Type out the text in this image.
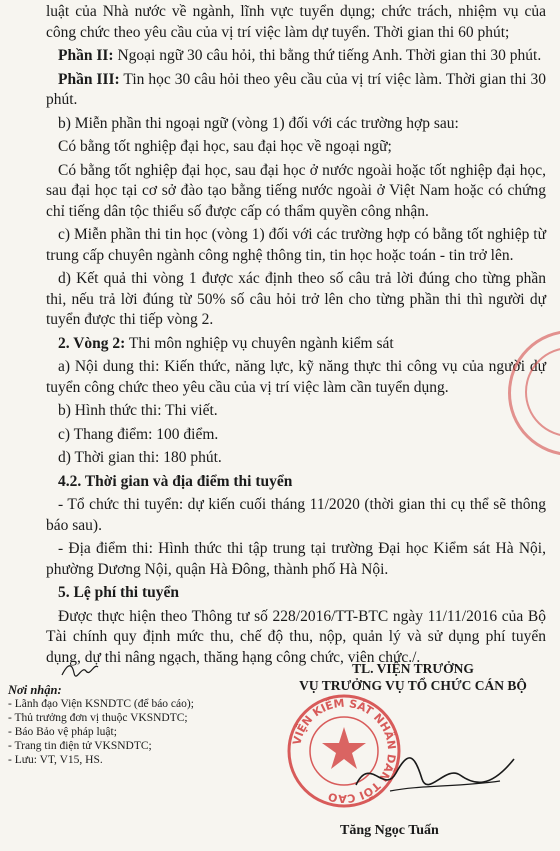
luật của Nhà nước về ngành, lĩnh vực tuyển dụng; chức trách, nhiệm vụ của công chức theo yêu cầu của vị trí việc làm dự tuyển. Thời gian thi 60 phút;

Phần II: Ngoại ngữ 30 câu hỏi, thi bằng thứ tiếng Anh. Thời gian thi 30 phút.

Phần III: Tin học 30 câu hỏi theo yêu cầu của vị trí việc làm. Thời gian thi 30 phút.

b) Miễn phần thi ngoại ngữ (vòng 1) đối với các trường hợp sau:

Có bằng tốt nghiệp đại học, sau đại học về ngoại ngữ;

Có bằng tốt nghiệp đại học, sau đại học ở nước ngoài hoặc tốt nghiệp đại học, sau đại học tại cơ sở đào tạo bằng tiếng nước ngoài ở Việt Nam hoặc có chứng chỉ tiếng dân tộc thiểu số được cấp có thẩm quyền công nhận.

c) Miễn phần thi tin học (vòng 1) đối với các trường hợp có bằng tốt nghiệp từ trung cấp chuyên ngành công nghệ thông tin, tin học hoặc toán - tin trở lên.

d) Kết quả thi vòng 1 được xác định theo số câu trả lời đúng cho từng phần thi, nếu trả lời đúng từ 50% số câu hỏi trở lên cho từng phần thi thì người dự tuyển được thi tiếp vòng 2.

2. Vòng 2: Thi môn nghiệp vụ chuyên ngành kiểm sát

a) Nội dung thi: Kiến thức, năng lực, kỹ năng thực thi công vụ của người dự tuyển công chức theo yêu cầu của vị trí việc làm cần tuyển dụng.

b) Hình thức thi: Thi viết.

c) Thang điểm: 100 điểm.

d) Thời gian thi: 180 phút.

4.2. Thời gian và địa điểm thi tuyển

- Tổ chức thi tuyển: dự kiến cuối tháng 11/2020 (thời gian thi cụ thể sẽ thông báo sau).

- Địa điểm thi: Hình thức thi tập trung tại trường Đại học Kiểm sát Hà Nội, phường Dương Nội, quận Hà Đông, thành phố Hà Nội.

5. Lệ phí thi tuyển

Được thực hiện theo Thông tư số 228/2016/TT-BTC ngày 11/11/2016 của Bộ Tài chính quy định mức thu, chế độ thu, nộp, quản lý và sử dụng phí tuyển dụng, dự thi nâng ngạch, thăng hạng công chức, viên chức./.

Nơi nhận:
- Lãnh đạo Viện KSNDTC (để báo cáo);
- Thủ trưởng đơn vị thuộc VKSNDTC;
- Báo Bảo vệ pháp luật;
- Trang tin điện tử VKSNDTC;
- Lưu: VT, V15, HS.
TL. VIỆN TRƯỞNG
VỤ TRƯỞNG VỤ TỔ CHỨC CÁN BỘ
VIỆN KIỂM SÁT NHÂN DÂN TỐI CAO
Tăng Ngọc Tuấn
